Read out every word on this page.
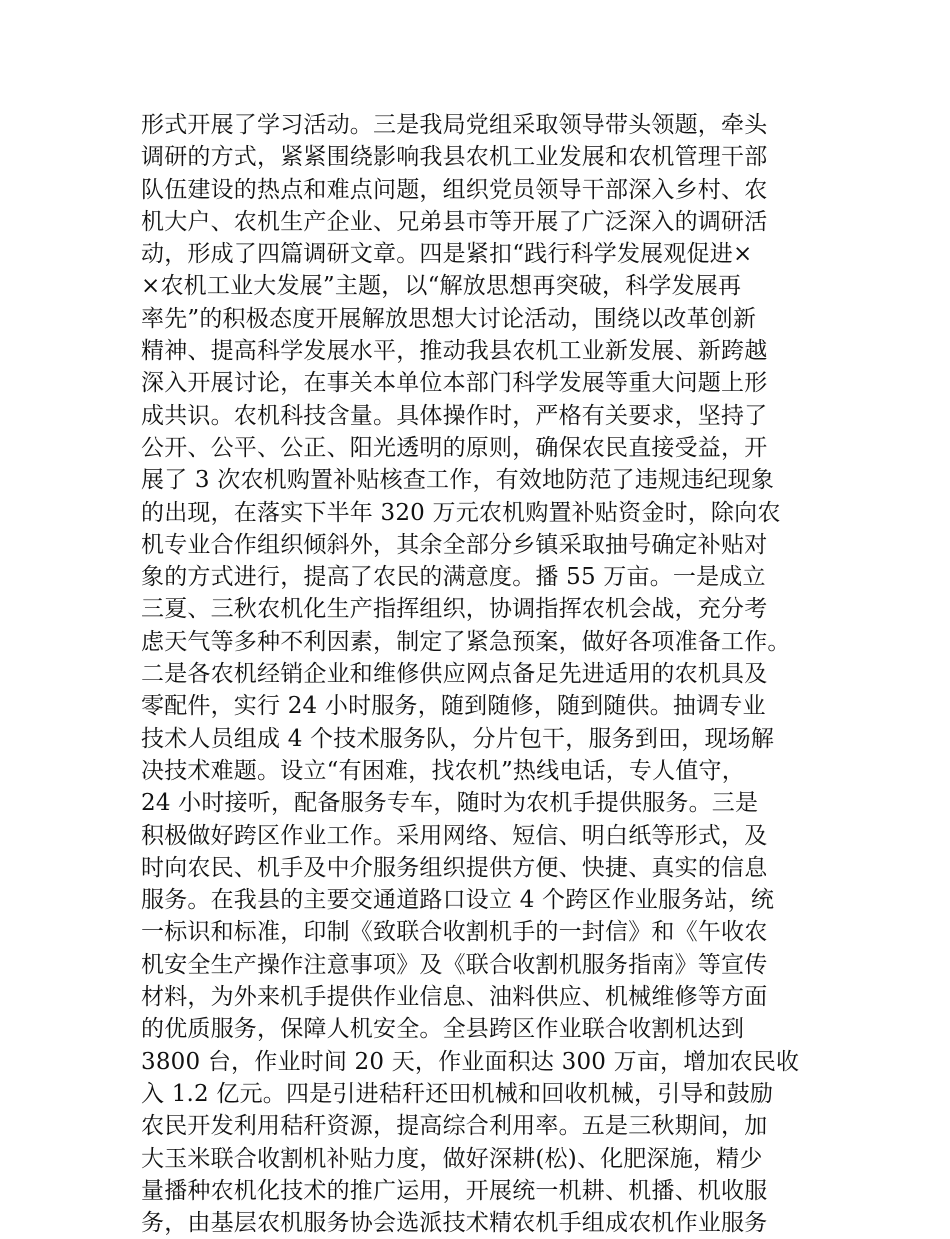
形式开展了学习活动。三是我局党组采取领导带头领题，牵头
调研的方式，紧紧围绕影响我县农机工业发展和农机管理干部
队伍建设的热点和难点问题，组织党员领导干部深入乡村、农
机大户、农机生产企业、兄弟县市等开展了广泛深入的调研活
动，形成了四篇调研文章。四是紧扣“践行科学发展观促进×
×农机工业大发展”主题，以“解放思想再突破，科学发展再
率先”的积极态度开展解放思想大讨论活动，围绕以改革创新
精神、提高科学发展水平，推动我县农机工业新发展、新跨越
深入开展讨论，在事关本单位本部门科学发展等重大问题上形
成共识。农机科技含量。具体操作时，严格有关要求，坚持了
公开、公平、公正、阳光透明的原则，确保农民直接受益，开
展了 3 次农机购置补贴核查工作，有效地防范了违规违纪现象
的出现，在落实下半年 320 万元农机购置补贴资金时，除向农
机专业合作组织倾斜外，其余全部分乡镇采取抽号确定补贴对
象的方式进行，提高了农民的满意度。播 55 万亩。一是成立
三夏、三秋农机化生产指挥组织，协调指挥农机会战，充分考
虑天气等多种不利因素，制定了紧急预案，做好各项准备工作。
二是各农机经销企业和维修供应网点备足先进适用的农机具及
零配件，实行 24 小时服务，随到随修，随到随供。抽调专业
技术人员组成 4 个技术服务队，分片包干，服务到田，现场解
决技术难题。设立“有困难，找农机”热线电话，专人值守，
24 小时接听，配备服务专车，随时为农机手提供服务。三是
积极做好跨区作业工作。采用网络、短信、明白纸等形式，及
时向农民、机手及中介服务组织提供方便、快捷、真实的信息
服务。在我县的主要交通道路口设立 4 个跨区作业服务站，统
一标识和标准，印制《致联合收割机手的一封信》和《午收农
机安全生产操作注意事项》及《联合收割机服务指南》等宣传
材料，为外来机手提供作业信息、油料供应、机械维修等方面
的优质服务，保障人机安全。全县跨区作业联合收割机达到
3800 台，作业时间 20 天，作业面积达 300 万亩，增加农民收
入 1.2 亿元。四是引进秸秆还田机械和回收机械，引导和鼓励
农民开发利用秸秆资源，提高综合利用率。五是三秋期间，加
大玉米联合收割机补贴力度，做好深耕(松)、化肥深施，精少
量播种农机化技术的推广运用，开展统一机耕、机播、机收服
务，由基层农机服务协会选派技术精农机手组成农机作业服务
